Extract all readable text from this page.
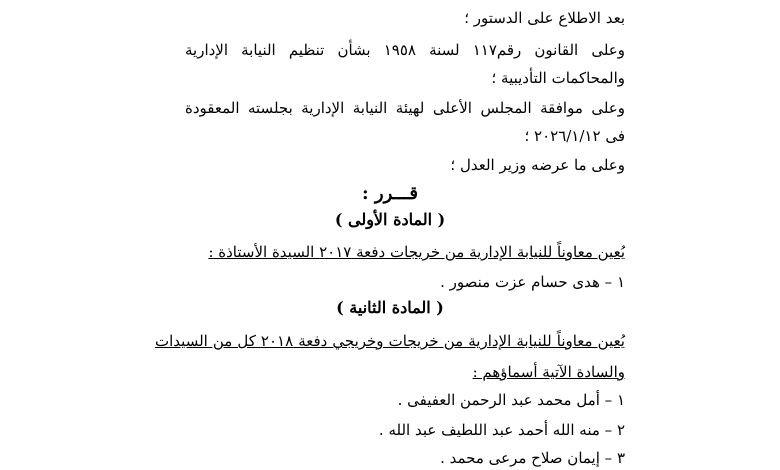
بعد الاطلاع على الدستور ؛
وعلى القانون رقم١١٧ لسنة ١٩٥٨ بشأن تنظيم النيابة الإدارية
والمحاكمات التأديبية ؛
وعلى موافقة المجلس الأعلى لهيئة النيابة الإدارية بجلسته المعقودة
فى ٢٠٢٦/١/١٢ ؛
وعلى ما عرضه وزير العدل ؛
قـــرر :
( المادة الأولى )
يُعين معاوناً للنيابة الإدارية من خريجات دفعة ٢٠١٧ السيدة الأستاذة :
١ – هدى حسام عزت منصور .
( المادة الثانية )
يُعين معاوناً للنيابة الإدارية من خريجات وخريجي دفعة ٢٠١٨ كل من السيدات
والسادة الآتية أسماؤهم :
١ – أمل محمد عبد الرحمن العفيفى .
٢ – منه الله أحمد عبد اللطيف عبد الله .
٣ – إيمان صلاح مرعى محمد .
